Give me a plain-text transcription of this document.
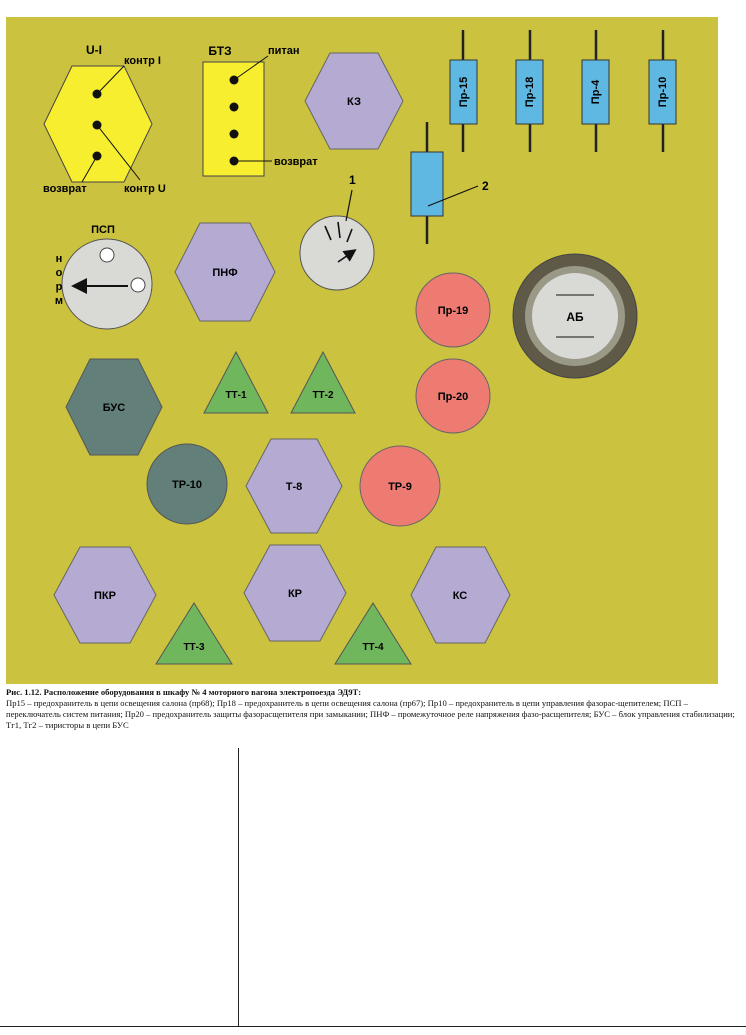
U-I
контр I
возврат	контр U
БТЗ	питан
возврат
КЗ	Пр-15	Пр-18	Пр-4	Пр-10
2
1
ПСП
н
о
р
м
ПНФ
Пр-19
Пр-20
АБ
БУС
ТТ-1	ТТ-2
ТР-10	Т-8	ТР-9
ПКР	КР	КС
ТТ-3	ТТ-4
Рис. 1.12. Расположение оборудования в шкафу № 4 моторного вагона электропоезда ЭД9Т:
Пр15 – предохранитель в цепи освещения салона (пр68); Пр18 – предохранитель в цепи освещения салона (пр67); Пр10 – предохранитель в цепи управления фазорас-щепителем; ПСП – переключатель систем питания; Пр20 – предохранитель защиты фазорасщепителя при замыкании; ПНФ – промежуточное реле напряжения фазо-расщепителя; БУС – блок управления стабилизации; Тг1, Тг2 – тиристоры в цепи БУС
